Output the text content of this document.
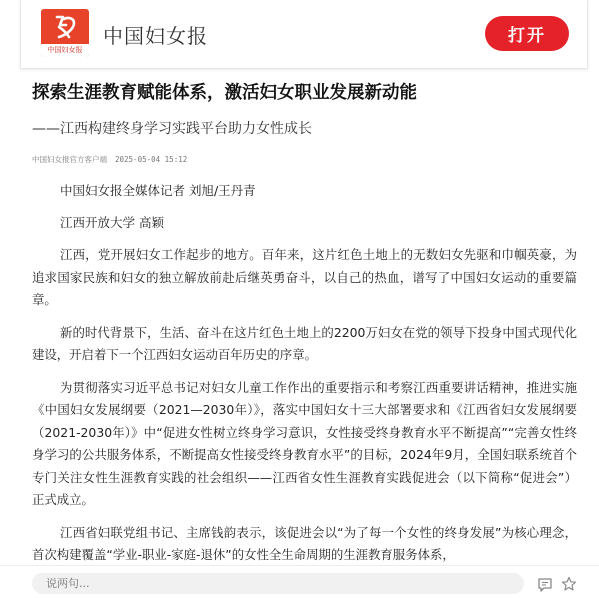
中国妇女报
中国妇女报	打开
探索生涯教育赋能体系，激活妇女职业发展新动能
——江西构建终身学习实践平台助力女性成长
中国妇女报官方客户端 2025-05-04 15:12
中国妇女报全媒体记者 刘旭/王丹青
江西开放大学 高颖

江西，党开展妇女工作起步的地方。百年来，这片红色土地上的无数妇女先驱和巾帼英豪，为追求国家民族和妇女的独立解放前赴后继英勇奋斗，以自己的热血，谱写了中国妇女运动的重要篇章。

新的时代背景下，生活、奋斗在这片红色土地上的2200万妇女在党的领导下投身中国式现代化建设，开启着下一个江西妇女运动百年历史的序章。

为贯彻落实习近平总书记对妇女儿童工作作出的重要指示和考察江西重要讲话精神，推进实施《中国妇女发展纲要（2021—2030年）》，落实中国妇女十三大部署要求和《江西省妇女发展纲要（2021-2030年）》中“促进女性树立终身学习意识，女性接受终身教育水平不断提高”“完善女性终身学习的公共服务体系，不断提高女性接受终身教育水平”的目标，2024年9月，全国妇联系统首个专门关注女性生涯教育实践的社会组织——江西省女性生涯教育实践促进会（以下简称“促进会”）正式成立。

江西省妇联党组书记、主席钱韵表示，该促进会以“为了每一个女性的终身发展”为核心理念，首次构建覆盖“学业-职业-家庭-退休”的女性全生命周期的生涯教育服务体系，

说两句...
